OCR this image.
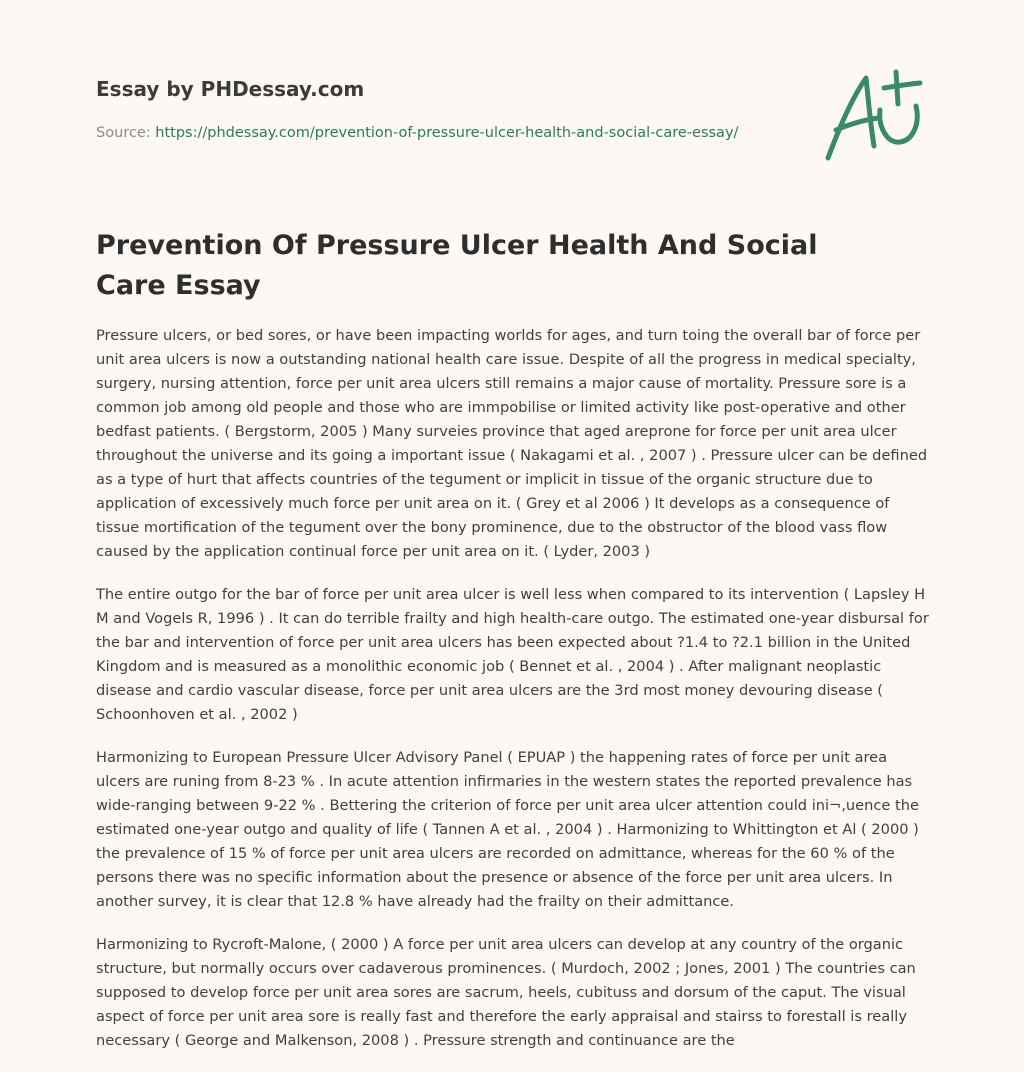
Essay by PHDessay.com
Source: https://phdessay.com/prevention-of-pressure-ulcer-health-and-social-care-essay/
Prevention Of Pressure Ulcer Health And Social Care Essay

Pressure ulcers, or bed sores, or have been impacting worlds for ages, and turn toing the overall bar of force per unit area ulcers is now a outstanding national health care issue. Despite of all the progress in medical specialty, surgery, nursing attention, force per unit area ulcers still remains a major cause of mortality. Pressure sore is a common job among old people and those who are immpobilise or limited activity like post-operative and other bedfast patients. ( Bergstorm, 2005 ) Many surveies province that aged areprone for force per unit area ulcer throughout the universe and its going a important issue ( Nakagami et al. , 2007 ) . Pressure ulcer can be defined as a type of hurt that affects countries of the tegument or implicit in tissue of the organic structure due to application of excessively much force per unit area on it. ( Grey et al 2006 ) It develops as a consequence of tissue mortification of the tegument over the bony prominence, due to the obstructor of the blood vass flow caused by the application continual force per unit area on it. ( Lyder, 2003 )

The entire outgo for the bar of force per unit area ulcer is well less when compared to its intervention ( Lapsley H M and Vogels R, 1996 ) . It can do terrible frailty and high health-care outgo. The estimated one-year disbursal for the bar and intervention of force per unit area ulcers has been expected about ?1.4 to ?2.1 billion in the United Kingdom and is measured as a monolithic economic job ( Bennet et al. , 2004 ) . After malignant neoplastic disease and cardio vascular disease, force per unit area ulcers are the 3rd most money devouring disease ( Schoonhoven et al. , 2002 )

Harmonizing to European Pressure Ulcer Advisory Panel ( EPUAP ) the happening rates of force per unit area ulcers are runing from 8-23 % . In acute attention infirmaries in the western states the reported prevalence has wide-ranging between 9-22 % . Bettering the criterion of force per unit area ulcer attention could ini¬‚uence the estimated one-year outgo and quality of life ( Tannen A et al. , 2004 ) . Harmonizing to Whittington et Al ( 2000 ) the prevalence of 15 % of force per unit area ulcers are recorded on admittance, whereas for the 60 % of the persons there was no specific information about the presence or absence of the force per unit area ulcers. In another survey, it is clear that 12.8 % have already had the frailty on their admittance.

Harmonizing to Rycroft-Malone, ( 2000 ) A force per unit area ulcers can develop at any country of the organic structure, but normally occurs over cadaverous prominences. ( Murdoch, 2002 ; Jones, 2001 ) The countries can supposed to develop force per unit area sores are sacrum, heels, cubituss and dorsum of the caput. The visual aspect of force per unit area sore is really fast and therefore the early appraisal and stairss to forestall is really necessary ( George and Malkenson, 2008 ) . Pressure strength and continuance are the
